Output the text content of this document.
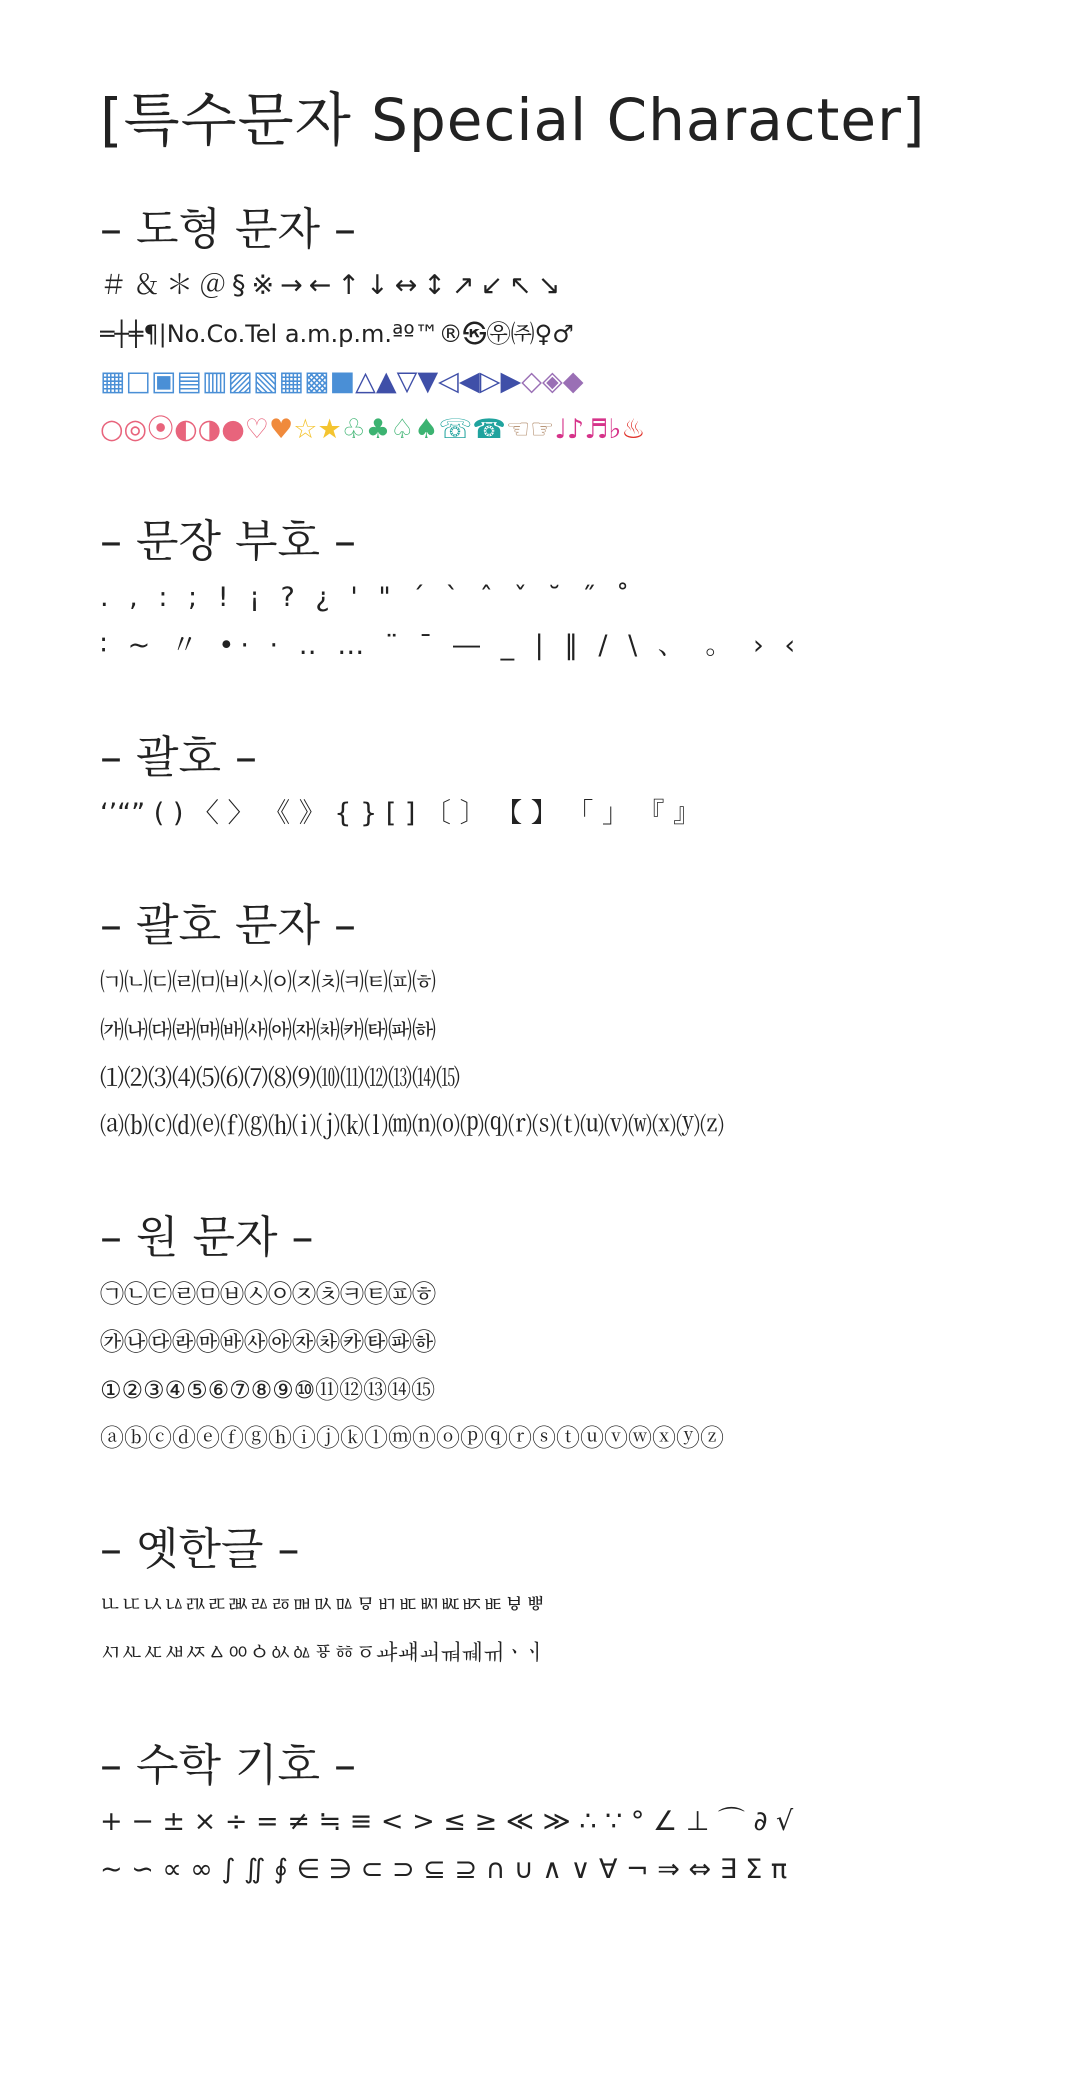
[특수문자 Special Character]
– 도형 문자 –
＃＆＊＠§※→←↑↓↔↕↗↙↖↘
═┼╪¶|No.Co.Tel a.m.p.m.ªº™®㉿㉾㈜♀♂
▦□▣▤▥▨▧▦▩■△▲▽▼◁◀▷▶◇◈◆
○◎⦿◐◑●♡♥☆★♧♣♤♠☏☎☜☞♩♪♬♭♨
– 문장 부호 –
. , : ; ! ¡ ? ¿ ' " ˊ ˋ ˆ ˇ ˘ ˝ ˚
∶ ~ 〃 •· · ‥ … ¨ ¯ ― _ | ‖ / \ 、 。 › ‹
– 괄호 –
‘’“” ( ) 〈 〉 《 》 { } [ ] 〔 〕 【 】 「 」 『 』
– 괄호 문자 –
㈀㈁㈂㈃㈄㈅㈆㈇㈈㈉㈊㈋㈌㈍
㈎㈏㈐㈑㈒㈓㈔㈕㈖㈗㈘㈙㈚㈛
⑴⑵⑶⑷⑸⑹⑺⑻⑼⑽⑾⑿⒀⒁⒂
⒜⒝⒞⒟⒠⒡⒢⒣⒤⒥⒦⒧⒨⒩⒪⒫⒬⒭⒮⒯⒰⒱⒲⒳⒴⒵
– 원 문자 –
㉠㉡㉢㉣㉤㉥㉦㉧㉨㉩㉪㉫㉬㉭
㉮㉯㉰㉱㉲㉳㉴㉵㉶㉷㉸㉹㉺㉻
①②③④⑤⑥⑦⑧⑨⑩⑪⑫⑬⑭⑮
ⓐⓑⓒⓓⓔⓕⓖⓗⓘⓙⓚⓛⓜⓝⓞⓟⓠⓡⓢⓣⓤⓥⓦⓧⓨⓩ
– 옛한글 –
ㅥㅦㅧㅨㅩㅪㅫㅬㅭㅮㅯㅰㅱㅲㅳㅴㅵㅶㅷㅸㅹ
ㅺㅻㅼㅽㅾㅿㆀㆁㆂㆃㆄㆅㆆㆇㆈㆉㆊㆋㆌㆍㆎ
– 수학 기호 –
+ − ± × ÷ = ≠ ≒ ≡ < > ≤ ≥ ≪ ≫ ∴ ∵ ° ∠ ⊥ ⌒ ∂ √
∼ ∽ ∝ ∞ ∫ ∬ ∮ ∈ ∋ ⊂ ⊃ ⊆ ⊇ ∩ ∪ ∧ ∨ ∀ ¬ ⇒ ⇔ ∃ Σ π
